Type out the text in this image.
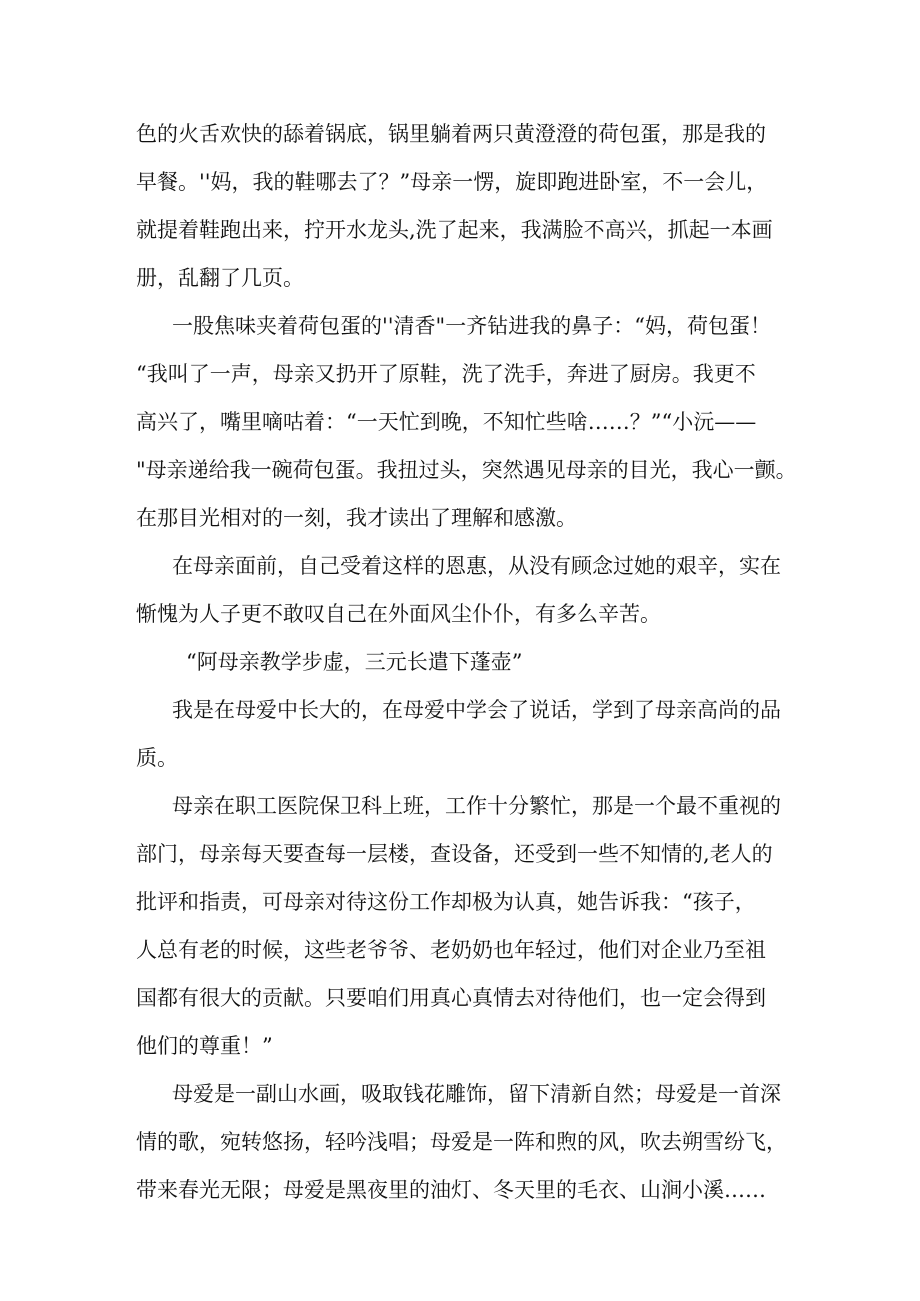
色的火舌欢快的舔着锅底，锅里躺着两只黄澄澄的荷包蛋，那是我的

早餐。''妈，我的鞋哪去了？”母亲一愣，旋即跑进卧室，不一会儿，

就提着鞋跑出来，拧开水龙头,洗了起来，我满脸不高兴，抓起一本画

册，乱翻了几页。

一股焦味夹着荷包蛋的''清香"一齐钻进我的鼻子：“妈，荷包蛋！

“我叫了一声，母亲又扔开了原鞋，洗了洗手，奔进了厨房。我更不

高兴了，嘴里嘀咕着：“一天忙到晚，不知忙些啥……？”“小沅——

"母亲递给我一碗荷包蛋。我扭过头，突然遇见母亲的目光，我心一颤。

在那目光相对的一刻，我才读出了理解和感激。

在母亲面前，自己受着这样的恩惠，从没有顾念过她的艰辛，实在

惭愧为人子更不敢叹自己在外面风尘仆仆，有多么辛苦。

“阿母亲教学步虚，三元长遣下蓬壶”

我是在母爱中长大的，在母爱中学会了说话，学到了母亲高尚的品

质。

母亲在职工医院保卫科上班，工作十分繁忙，那是一个最不重视的

部门，母亲每天要查每一层楼，查设备，还受到一些不知情的,老人的

批评和指责，可母亲对待这份工作却极为认真，她告诉我：“孩子，

人总有老的时候，这些老爷爷、老奶奶也年轻过，他们对企业乃至祖

国都有很大的贡献。只要咱们用真心真情去对待他们，也一定会得到

他们的尊重！”

母爱是一副山水画，吸取钱花雕饰，留下清新自然；母爱是一首深

情的歌，宛转悠扬，轻吟浅唱；母爱是一阵和煦的风，吹去朔雪纷飞，

带来春光无限；母爱是黑夜里的油灯、冬天里的毛衣、山涧小溪……
